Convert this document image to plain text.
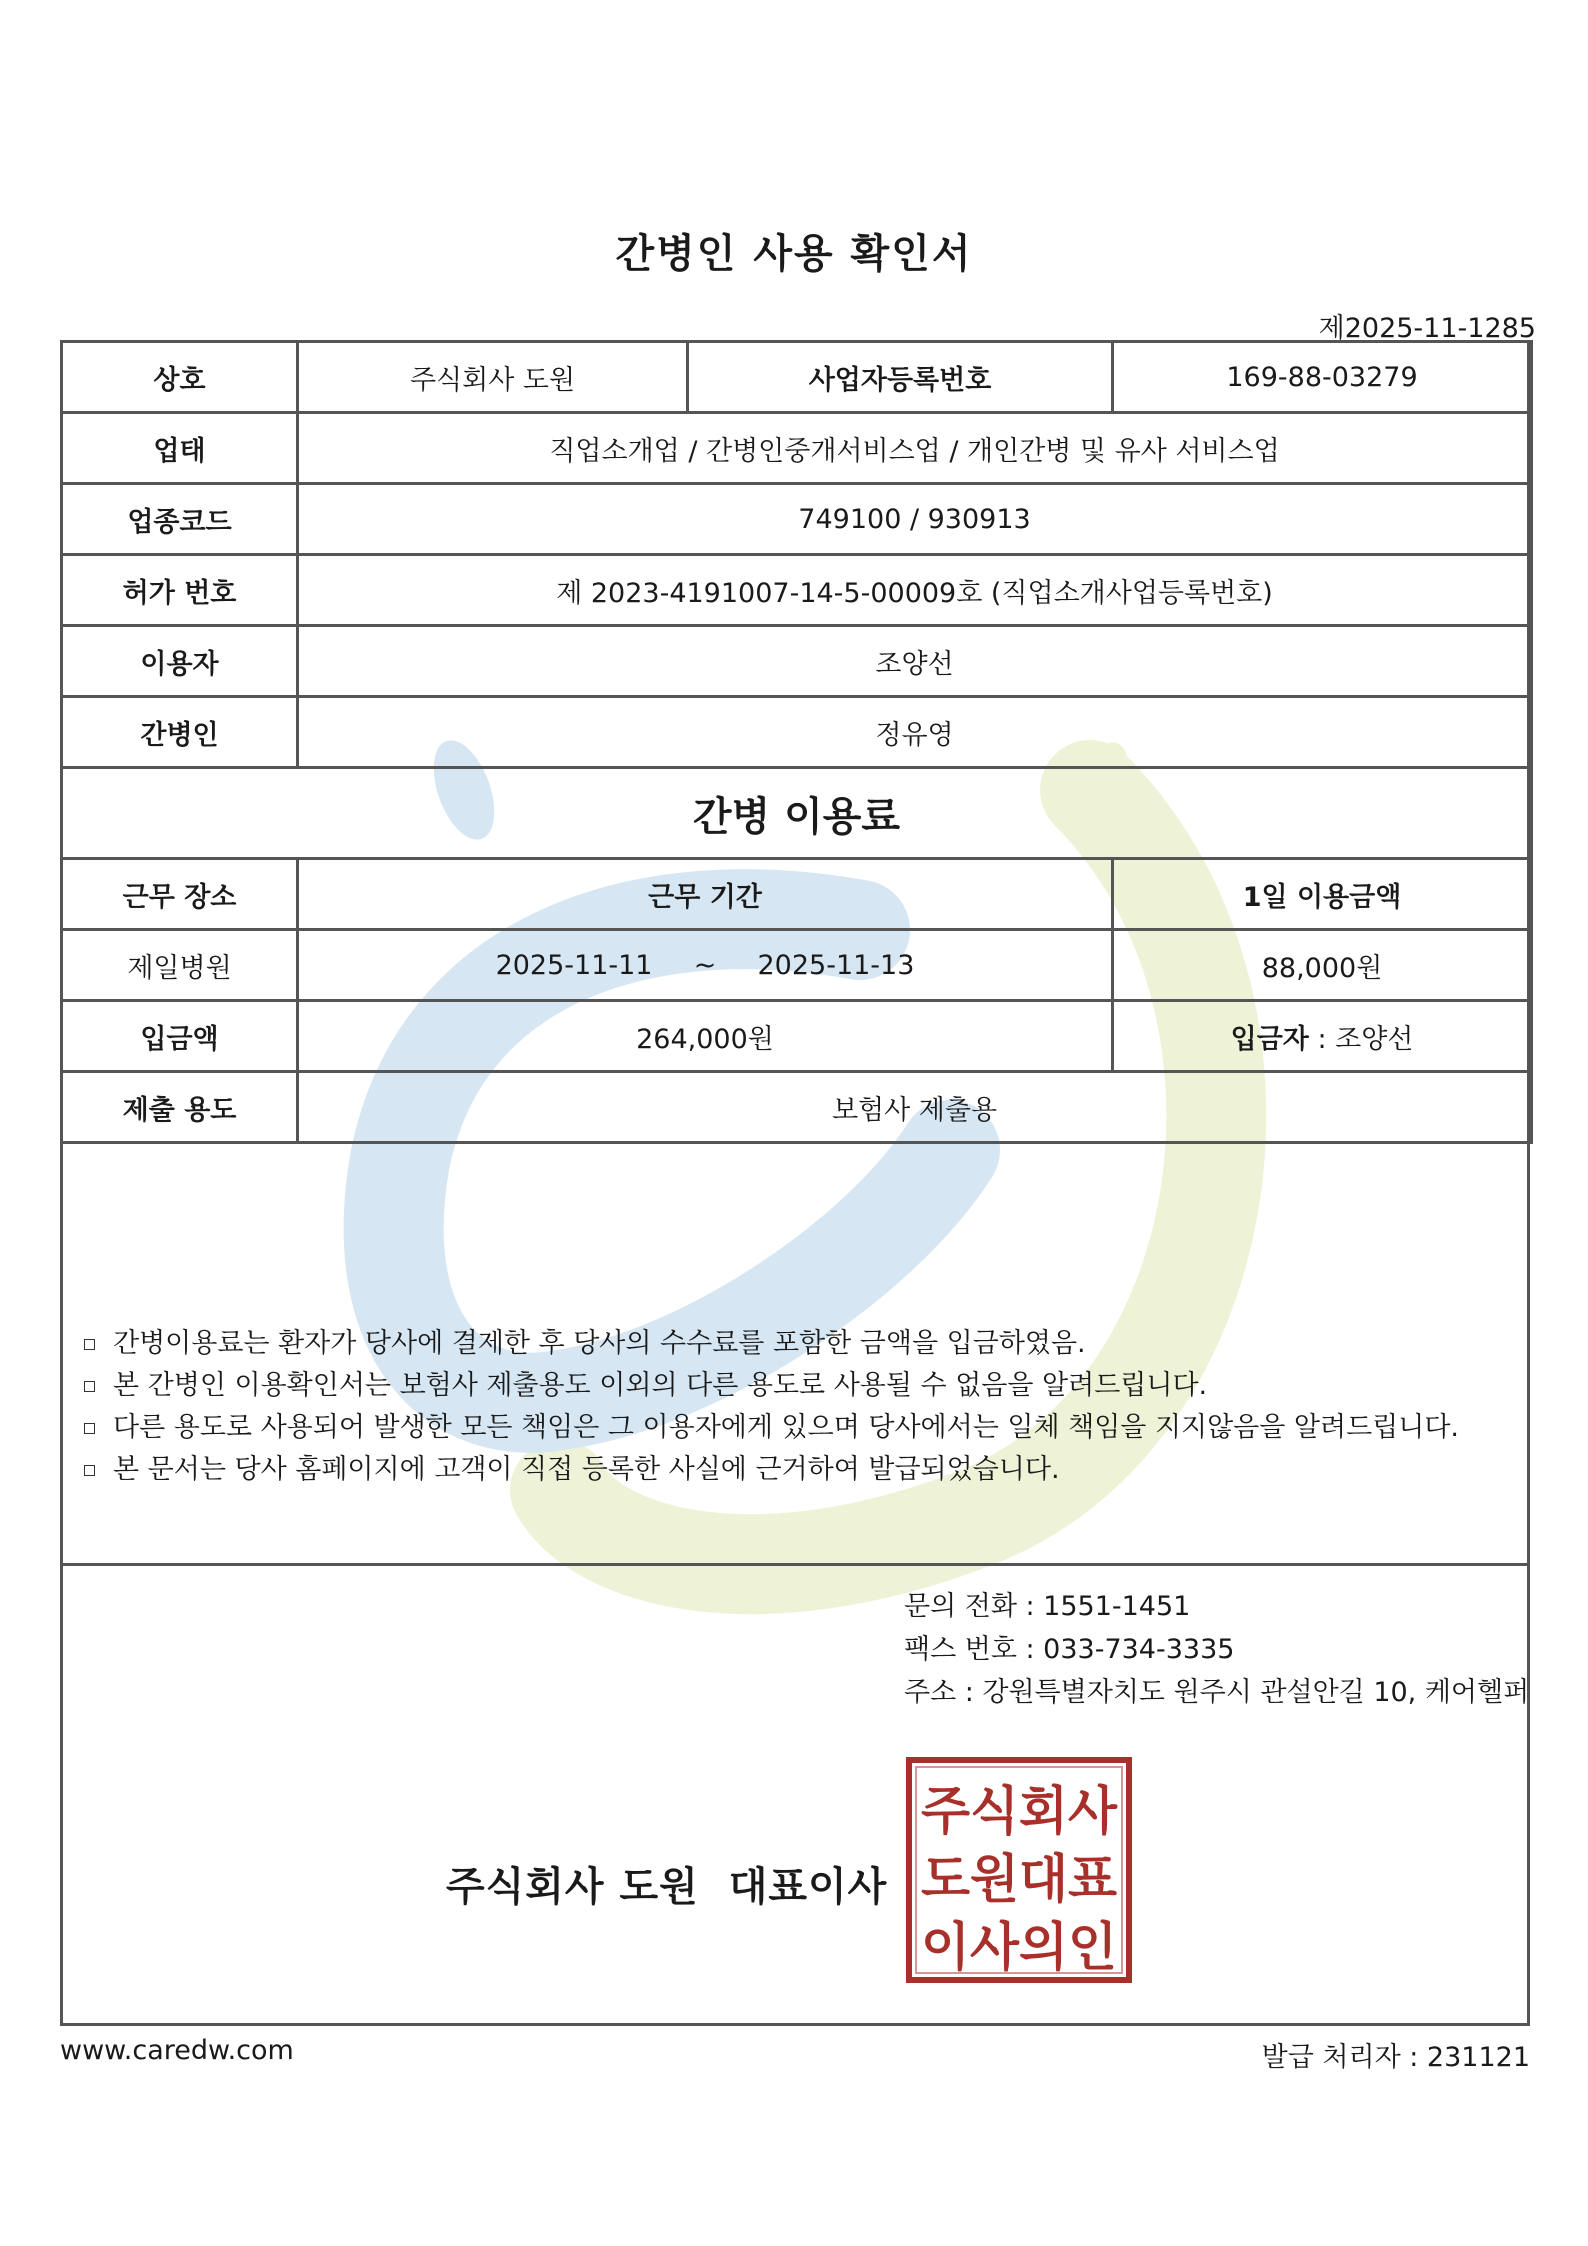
간병인 사용 확인서
제2025-11-1285
상호	주식회사 도원	사업자등록번호	169-88-03279
업태	직업소개업 / 간병인중개서비스업 / 개인간병 및 유사 서비스업		
업종코드	749100 / 930913		
허가 번호	제 2023-4191007-14-5-00009호 (직업소개사업등록번호)		
이용자	조양선		
간병인	정유영		
간병 이용료			
근무 장소	근무 기간		1일 이용금액
제일병원	2025-11-11 ~ 2025-11-13		88,000원
입금액	264,000원		입금자 : 조양선
제출 용도	보험사 제출용		
간병이용료는 환자가 당사에 결제한 후 당사의 수수료를 포함한 금액을 입금하였음.
본 간병인 이용확인서는 보험사 제출용도 이외의 다른 용도로 사용될 수 없음을 알려드립니다.
다른 용도로 사용되어 발생한 모든 책임은 그 이용자에게 있으며 당사에서는 일체 책임을 지지않음을 알려드립니다.
본 문서는 당사 홈페이지에 고객이 직접 등록한 사실에 근거하여 발급되었습니다.
문의 전화 : 1551-1451
팩스 번호 : 033-734-3335
주소 : 강원특별자치도 원주시 관설안길 10, 케어헬퍼
주식회사 도원 대표이사
주식회사
도원대표
이사의인
www.caredw.com	발급 처리자 : 231121
